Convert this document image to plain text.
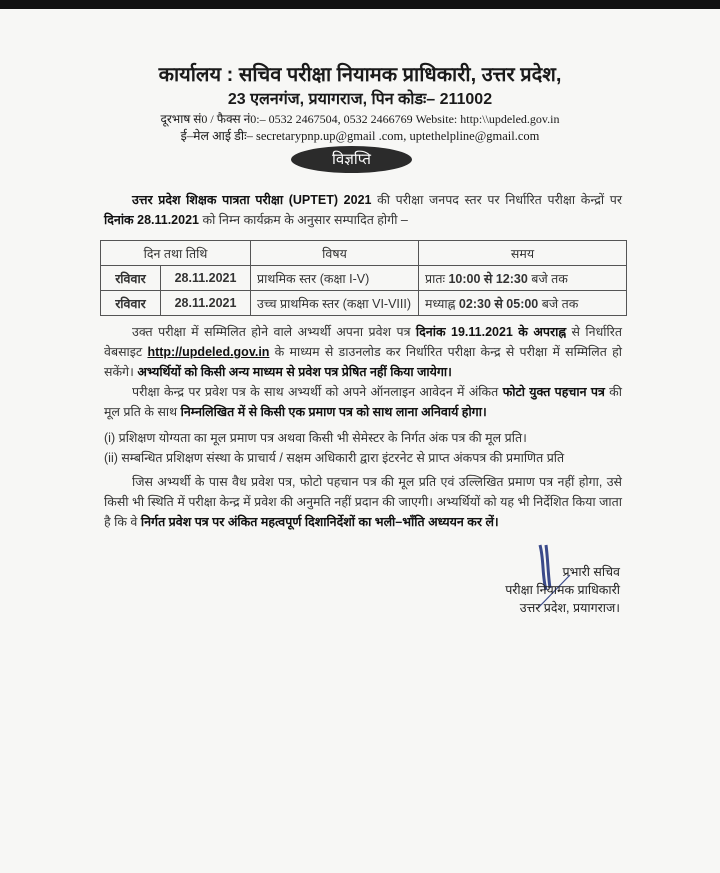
कार्यालय : सचिव परीक्षा नियामक प्राधिकारी, उत्तर प्रदेश,
23 एलनगंज, प्रयागराज, पिन कोडः– 211002
दूरभाष सं0 / फैक्स नं0:– 0532 2467504, 0532 2466769 Website: http:\\updeled.gov.in
ई–मेल आई डीः– secretarypnp.up@gmail .com, uptethelpline@gmail.com
विज्ञप्ति
उत्तर प्रदेश शिक्षक पात्रता परीक्षा (UPTET) 2021 की परीक्षा जनपद स्तर पर निर्धारित परीक्षा केन्द्रों पर दिनांक 28.11.2021 को निम्न कार्यक्रम के अनुसार सम्पादित होगी –
दिन तथा तिथि		विषय	समय
रविवार	28.11.2021	प्राथमिक स्तर (कक्षा I-V)	प्रातः 10:00 से 12:30 बजे तक
रविवार	28.11.2021	उच्च प्राथमिक स्तर (कक्षा VI-VIII)	मध्याह्न 02:30 से 05:00 बजे तक
उक्त परीक्षा में सम्मिलित होने वाले अभ्यर्थी अपना प्रवेश पत्र दिनांक 19.11.2021 के अपराह्न से निर्धारित वेबसाइट http://updeled.gov.in के माध्यम से डाउनलोड कर निर्धारित परीक्षा केन्द्र से परीक्षा में सम्मिलित हो सकेंगे। अभ्यर्थियों को किसी अन्य माध्यम से प्रवेश पत्र प्रेषित नहीं किया जायेगा।
परीक्षा केन्द्र पर प्रवेश पत्र के साथ अभ्यर्थी को अपने ऑनलाइन आवेदन में अंकित फोटो युक्त पहचान पत्र की मूल प्रति के साथ निम्नलिखित में से किसी एक प्रमाण पत्र को साथ लाना अनिवार्य होगा।
(i) प्रशिक्षण योग्यता का मूल प्रमाण पत्र अथवा किसी भी सेमेस्टर के निर्गत अंक पत्र की मूल प्रति।
(ii) सम्बन्धित प्रशिक्षण संस्था के प्राचार्य / सक्षम अधिकारी द्वारा इंटरनेट से प्राप्त अंकपत्र की प्रमाणित प्रति
जिस अभ्यर्थी के पास वैध प्रवेश पत्र, फोटो पहचान पत्र की मूल प्रति एवं उल्लिखित प्रमाण पत्र नहीं होगा, उसे किसी भी स्थिति में परीक्षा केन्द्र में प्रवेश की अनुमति नहीं प्रदान की जाएगी। अभ्यर्थियों को यह भी निर्देशित किया जाता है कि वे निर्गत प्रवेश पत्र पर अंकित महत्वपूर्ण दिशानिर्देशों का भली–भाँति अध्ययन कर लें।
प्रभारी सचिव
परीक्षा नियामक प्राधिकारी
उत्तर प्रदेश, प्रयागराज।
